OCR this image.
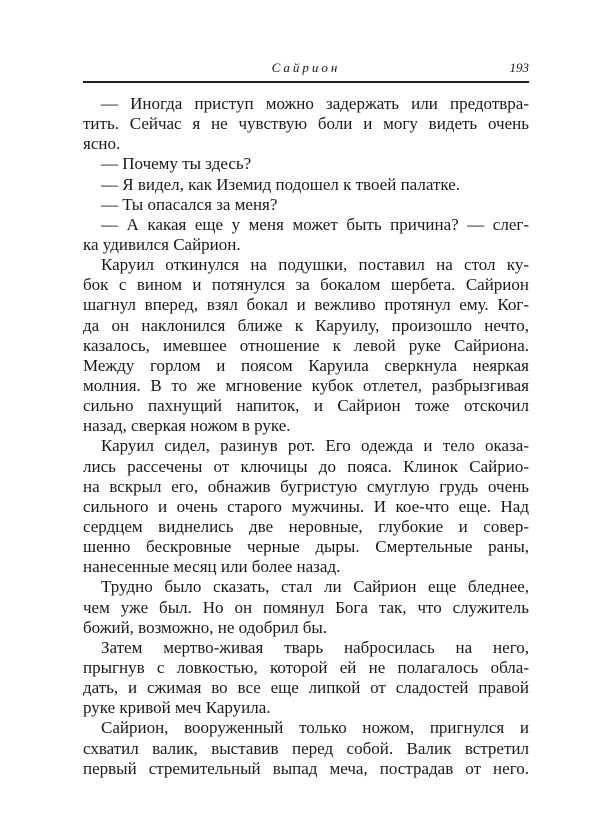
Сайрион	193
— Иногда приступ можно задержать или предотвра-
тить. Сейчас я не чувствую боли и могу видеть очень
ясно.
— Почему ты здесь?
— Я видел, как Иземид подошел к твоей палатке.
— Ты опасался за меня?
— А какая еще у меня может быть причина? — слег-
ка удивился Сайрион.
Каруил откинулся на подушки, поставил на стол ку-
бок с вином и потянулся за бокалом шербета. Сайрион
шагнул вперед, взял бокал и вежливо протянул ему. Ког-
да он наклонился ближе к Каруилу, произошло нечто,
казалось, имевшее отношение к левой руке Сайриона.
Между горлом и поясом Каруила сверкнула неяркая
молния. В то же мгновение кубок отлетел, разбрызгивая
сильно пахнущий напиток, и Сайрион тоже отскочил
назад, сверкая ножом в руке.
Каруил сидел, разинув рот. Его одежда и тело оказа-
лись рассечены от ключицы до пояса. Клинок Сайрио-
на вскрыл его, обнажив бугристую смуглую грудь очень
сильного и очень старого мужчины. И кое-что еще. Над
сердцем виднелись две неровные, глубокие и совер-
шенно бескровные черные дыры. Смертельные раны,
нанесенные месяц или более назад.
Трудно было сказать, стал ли Сайрион еще бледнее,
чем уже был. Но он помянул Бога так, что служитель
божий, возможно, не одобрил бы.
Затем мертво-живая тварь набросилась на него,
прыгнув с ловкостью, которой ей не полагалось обла-
дать, и сжимая во все еще липкой от сладостей правой
руке кривой меч Каруила.
Сайрион, вооруженный только ножом, пригнулся и
схватил валик, выставив перед собой. Валик встретил
первый стремительный выпад меча, пострадав от него.
